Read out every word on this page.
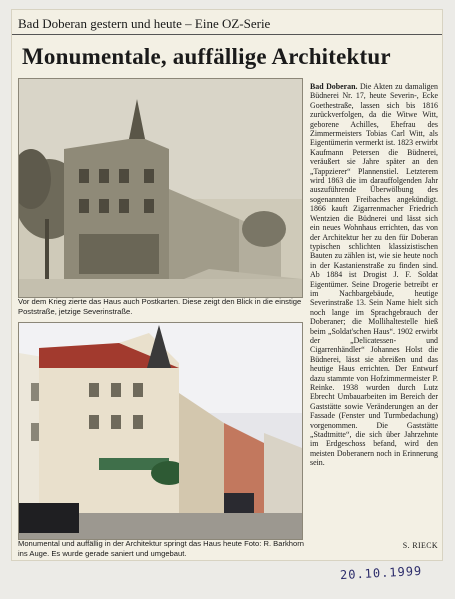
Bad Doberan gestern und heute – Eine OZ-Serie
Monumentale, auffällige Architektur
Vor dem Krieg zierte das Haus auch Postkarten. Diese zeigt den Blick in die einstige Poststraße, jetzige Severinstraße.
Foto: R. Barkhorn
Monumental und auffällig in der Architektur springt das Haus heute ins Auge. Es wurde gerade saniert und umgebaut.
Bad Doberan. Die Akten zu damaligen Büdnerei Nr. 17, heute Severin-, Ecke Goethestraße, lassen sich bis 1816 zurückverfolgen, da die Witwe Witt, geborene Achilles, Ehefrau des Zimmermeisters Tobias Carl Witt, als Eigentümerin vermerkt ist. 1823 erwirbt Kaufmann Petersen die Büdnerei, veräußert sie Jahre später an den „Tappzierer“ Plannenstiel. Letzterem wird 1863 die im darauffolgenden Jahr auszuführende Überwölbung des sogenannten Freibaches angekündigt. 1866 kauft Zigarrenmacher Friedrich Wentzien die Büdnerei und lässt sich ein neues Wohnhaus errichten, das von der Architektur her zu den für Doberan typischen schlichten klassizistischen Bauten zu zählen ist, wie sie heute noch in der Kastanienstraße zu finden sind. Ab 1884 ist Drogist J. F. Soldat Eigentümer. Seine Drogerie betreibt er im Nachbargebäude, heutige Severinstraße 13. Sein Name hielt sich noch lange im Sprachgebrauch der Doberaner; die Mollihaltestelle hieß beim „Soldat'schen Haus“. 1902 erwirbt der „Delicatessen- und Cigarrenhändler“ Johannes Holst die Büdnerei, lässt sie abreißen und das heutige Haus errichten. Der Entwurf dazu stammte von Hofzimmermeister P. Reinke. 1938 wurden durch Lutz Ebrecht Umbauarbeiten im Bereich der Gaststätte sowie Veränderungen an der Fassade (Fenster und Turmbedachung) vorgenommen. Die Gaststätte „Stadtmitte“, die sich über Jahrzehnte im Erdgeschoss befand, wird den meisten Doberanern noch in Erinnerung sein.
S. RIECK
20.10.1999
